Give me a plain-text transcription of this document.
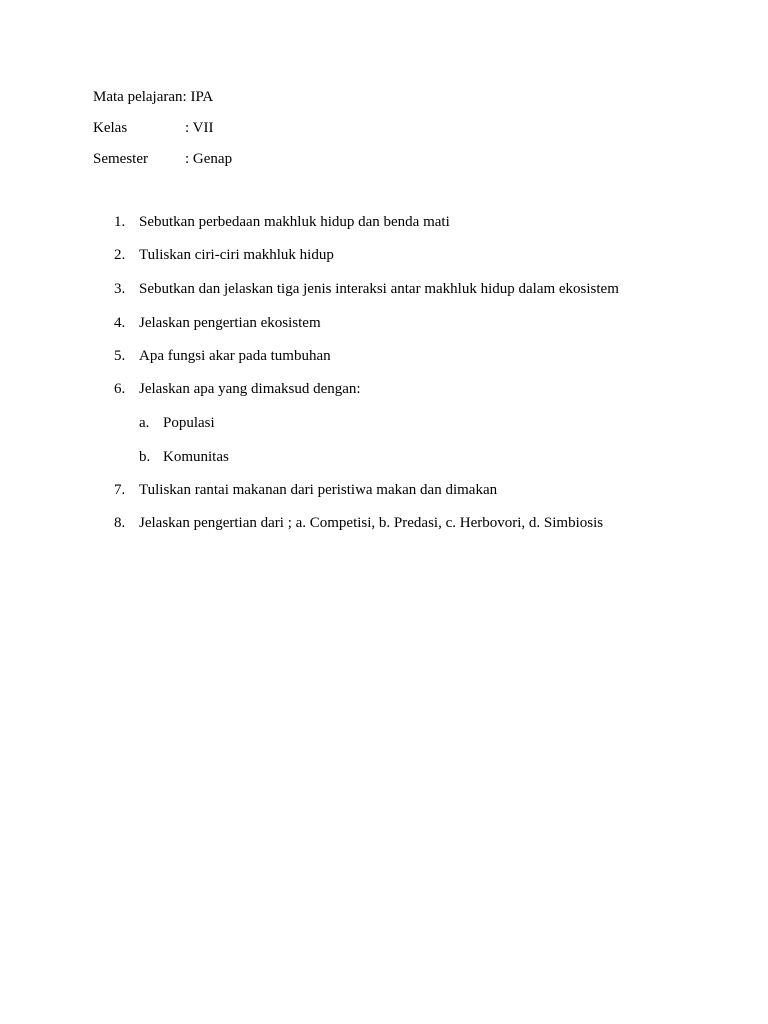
Mata pelajaran: IPA
Kelas	: VII
Semester : Genap
1. Sebutkan perbedaan makhluk hidup dan benda mati
2. Tuliskan ciri-ciri makhluk hidup
3. Sebutkan dan jelaskan tiga jenis interaksi antar makhluk hidup dalam ekosistem
4. Jelaskan pengertian ekosistem
5. Apa fungsi akar pada tumbuhan
6. Jelaskan apa yang dimaksud dengan:
a. Populasi
b. Komunitas
7. Tuliskan rantai makanan dari peristiwa makan dan dimakan
8. Jelaskan pengertian dari ; a. Competisi, b. Predasi, c. Herbovori, d. Simbiosis
